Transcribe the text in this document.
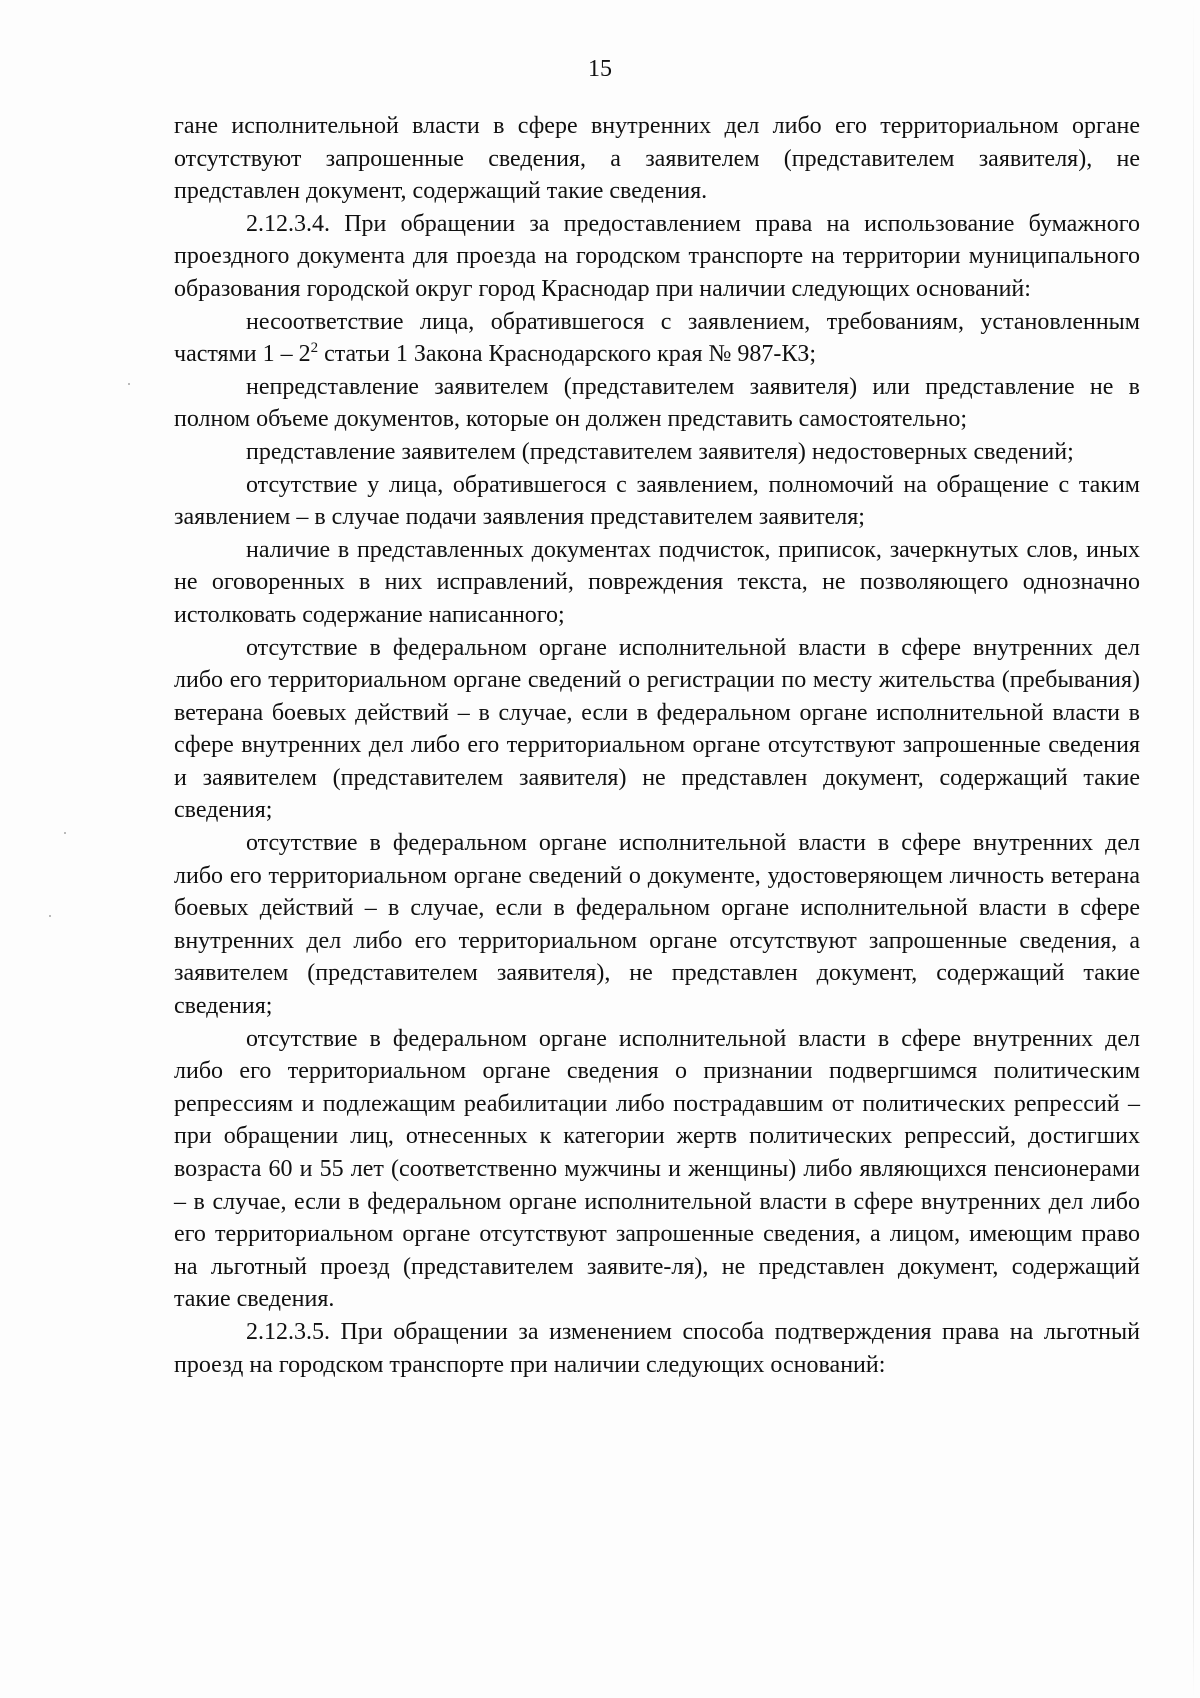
15

гане исполнительной власти в сфере внутренних дел либо его территориальном органе отсутствуют запрошенные сведения, а заявителем (представителем заявителя), не представлен документ, содержащий такие сведения.

2.12.3.4. При обращении за предоставлением права на использование бумажного проездного документа для проезда на городском транспорте на территории муниципального образования городской округ город Краснодар при наличии следующих оснований:

несоответствие лица, обратившегося с заявлением, требованиям, установленным частями $1 - 2^2$ статьи 1 Закона Краснодарского края № 987-КЗ;

непредставление заявителем (представителем заявителя) или представление не в полном объеме документов, которые он должен представить самостоятельно;

представление заявителем (представителем заявителя) недостоверных сведений;

отсутствие у лица, обратившегося с заявлением, полномочий на обращение с таким заявлением – в случае подачи заявления представителем заявителя;

наличие в представленных документах подчисток, приписок, зачеркнутых слов, иных не оговоренных в них исправлений, повреждения текста, не позволяющего однозначно истолковать содержание написанного;

отсутствие в федеральном органе исполнительной власти в сфере внутренних дел либо его территориальном органе сведений о регистрации по месту жительства (пребывания) ветерана боевых действий – в случае, если в федеральном органе исполнительной власти в сфере внутренних дел либо его территориальном органе отсутствуют запрошенные сведения и заявителем (представителем заявителя) не представлен документ, содержащий такие сведения;

отсутствие в федеральном органе исполнительной власти в сфере внутренних дел либо его территориальном органе сведений о документе, удостоверяющем личность ветерана боевых действий – в случае, если в федеральном органе исполнительной власти в сфере внутренних дел либо его территориальном органе отсутствуют запрошенные сведения, а заявителем (представителем заявителя), не представлен документ, содержащий такие сведения;

отсутствие в федеральном органе исполнительной власти в сфере внутренних дел либо его территориальном органе сведения о признании подвергшимся политическим репрессиям и подлежащим реабилитации либо пострадавшим от политических репрессий – при обращении лиц, отнесенных к категории жертв политических репрессий, достигших возраста 60 и 55 лет (соответственно мужчины и женщины) либо являющихся пенсионерами – в случае, если в федеральном органе исполнительной власти в сфере внутренних дел либо его территориальном органе отсутствуют запрошенные сведения, а лицом, имеющим право на льготный проезд (представителем заявите-ля), не представлен документ, содержащий такие сведения.

2.12.3.5. При обращении за изменением способа подтверждения права на льготный проезд на городском транспорте при наличии следующих оснований:
